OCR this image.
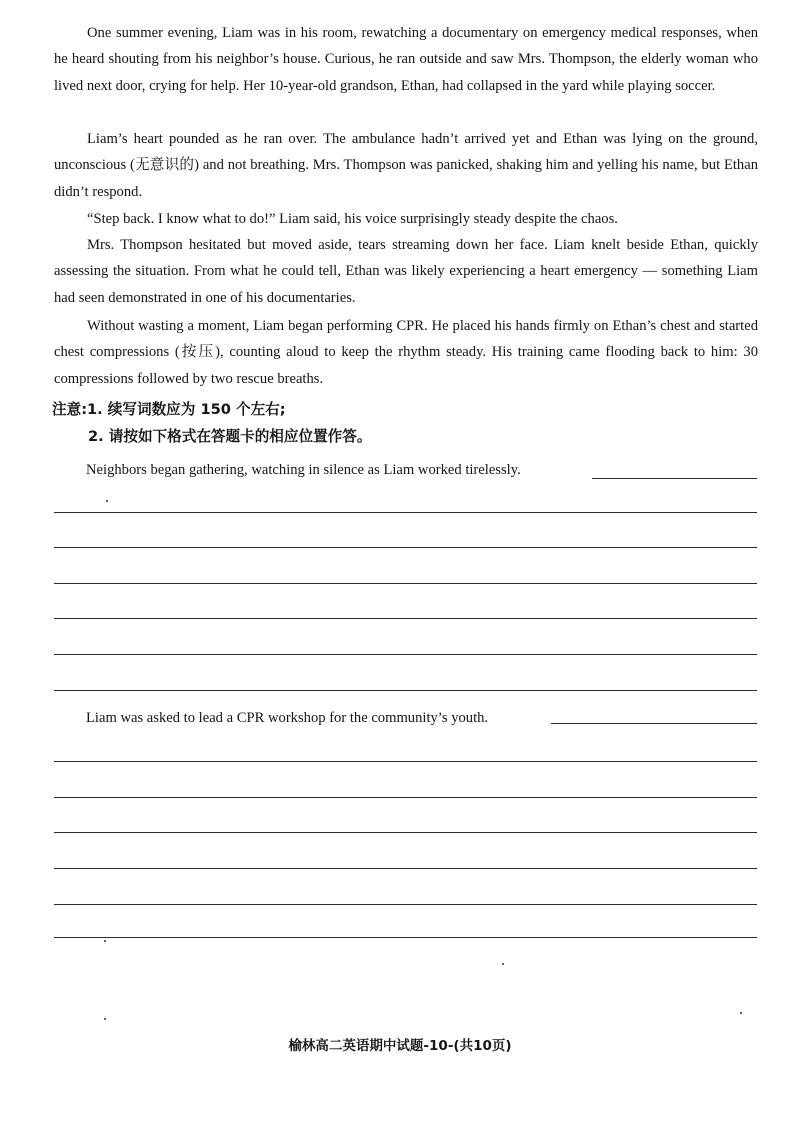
One summer evening, Liam was in his room, rewatching a documentary on emergency medical responses, when he heard shouting from his neighbor’s house. Curious, he ran outside and saw Mrs. Thompson, the elderly woman who lived next door, crying for help. Her 10-year-old grandson, Ethan, had collapsed in the yard while playing soccer.

Liam’s heart pounded as he ran over. The ambulance hadn’t arrived yet and Ethan was lying on the ground, unconscious (无意识的) and not breathing. Mrs. Thompson was panicked, shaking him and yelling his name, but Ethan didn’t respond.

“Step back. I know what to do!” Liam said, his voice surprisingly steady despite the chaos.

Mrs. Thompson hesitated but moved aside, tears streaming down her face. Liam knelt beside Ethan, quickly assessing the situation. From what he could tell, Ethan was likely experiencing a heart emergency — something Liam had seen demonstrated in one of his documentaries.

Without wasting a moment, Liam began performing CPR. He placed his hands firmly on Ethan’s chest and started chest compressions (按压), counting aloud to keep the rhythm steady. His training came flooding back to him: 30 compressions followed by two rescue breaths.

注意:1. 续写词数应为 150 个左右;

2. 请按如下格式在答题卡的相应位置作答。

Neighbors began gathering, watching in silence as Liam worked tirelessly.
Liam was asked to lead a CPR workshop for the community’s youth.
榆林高二英语期中试题-10-(共10页)
